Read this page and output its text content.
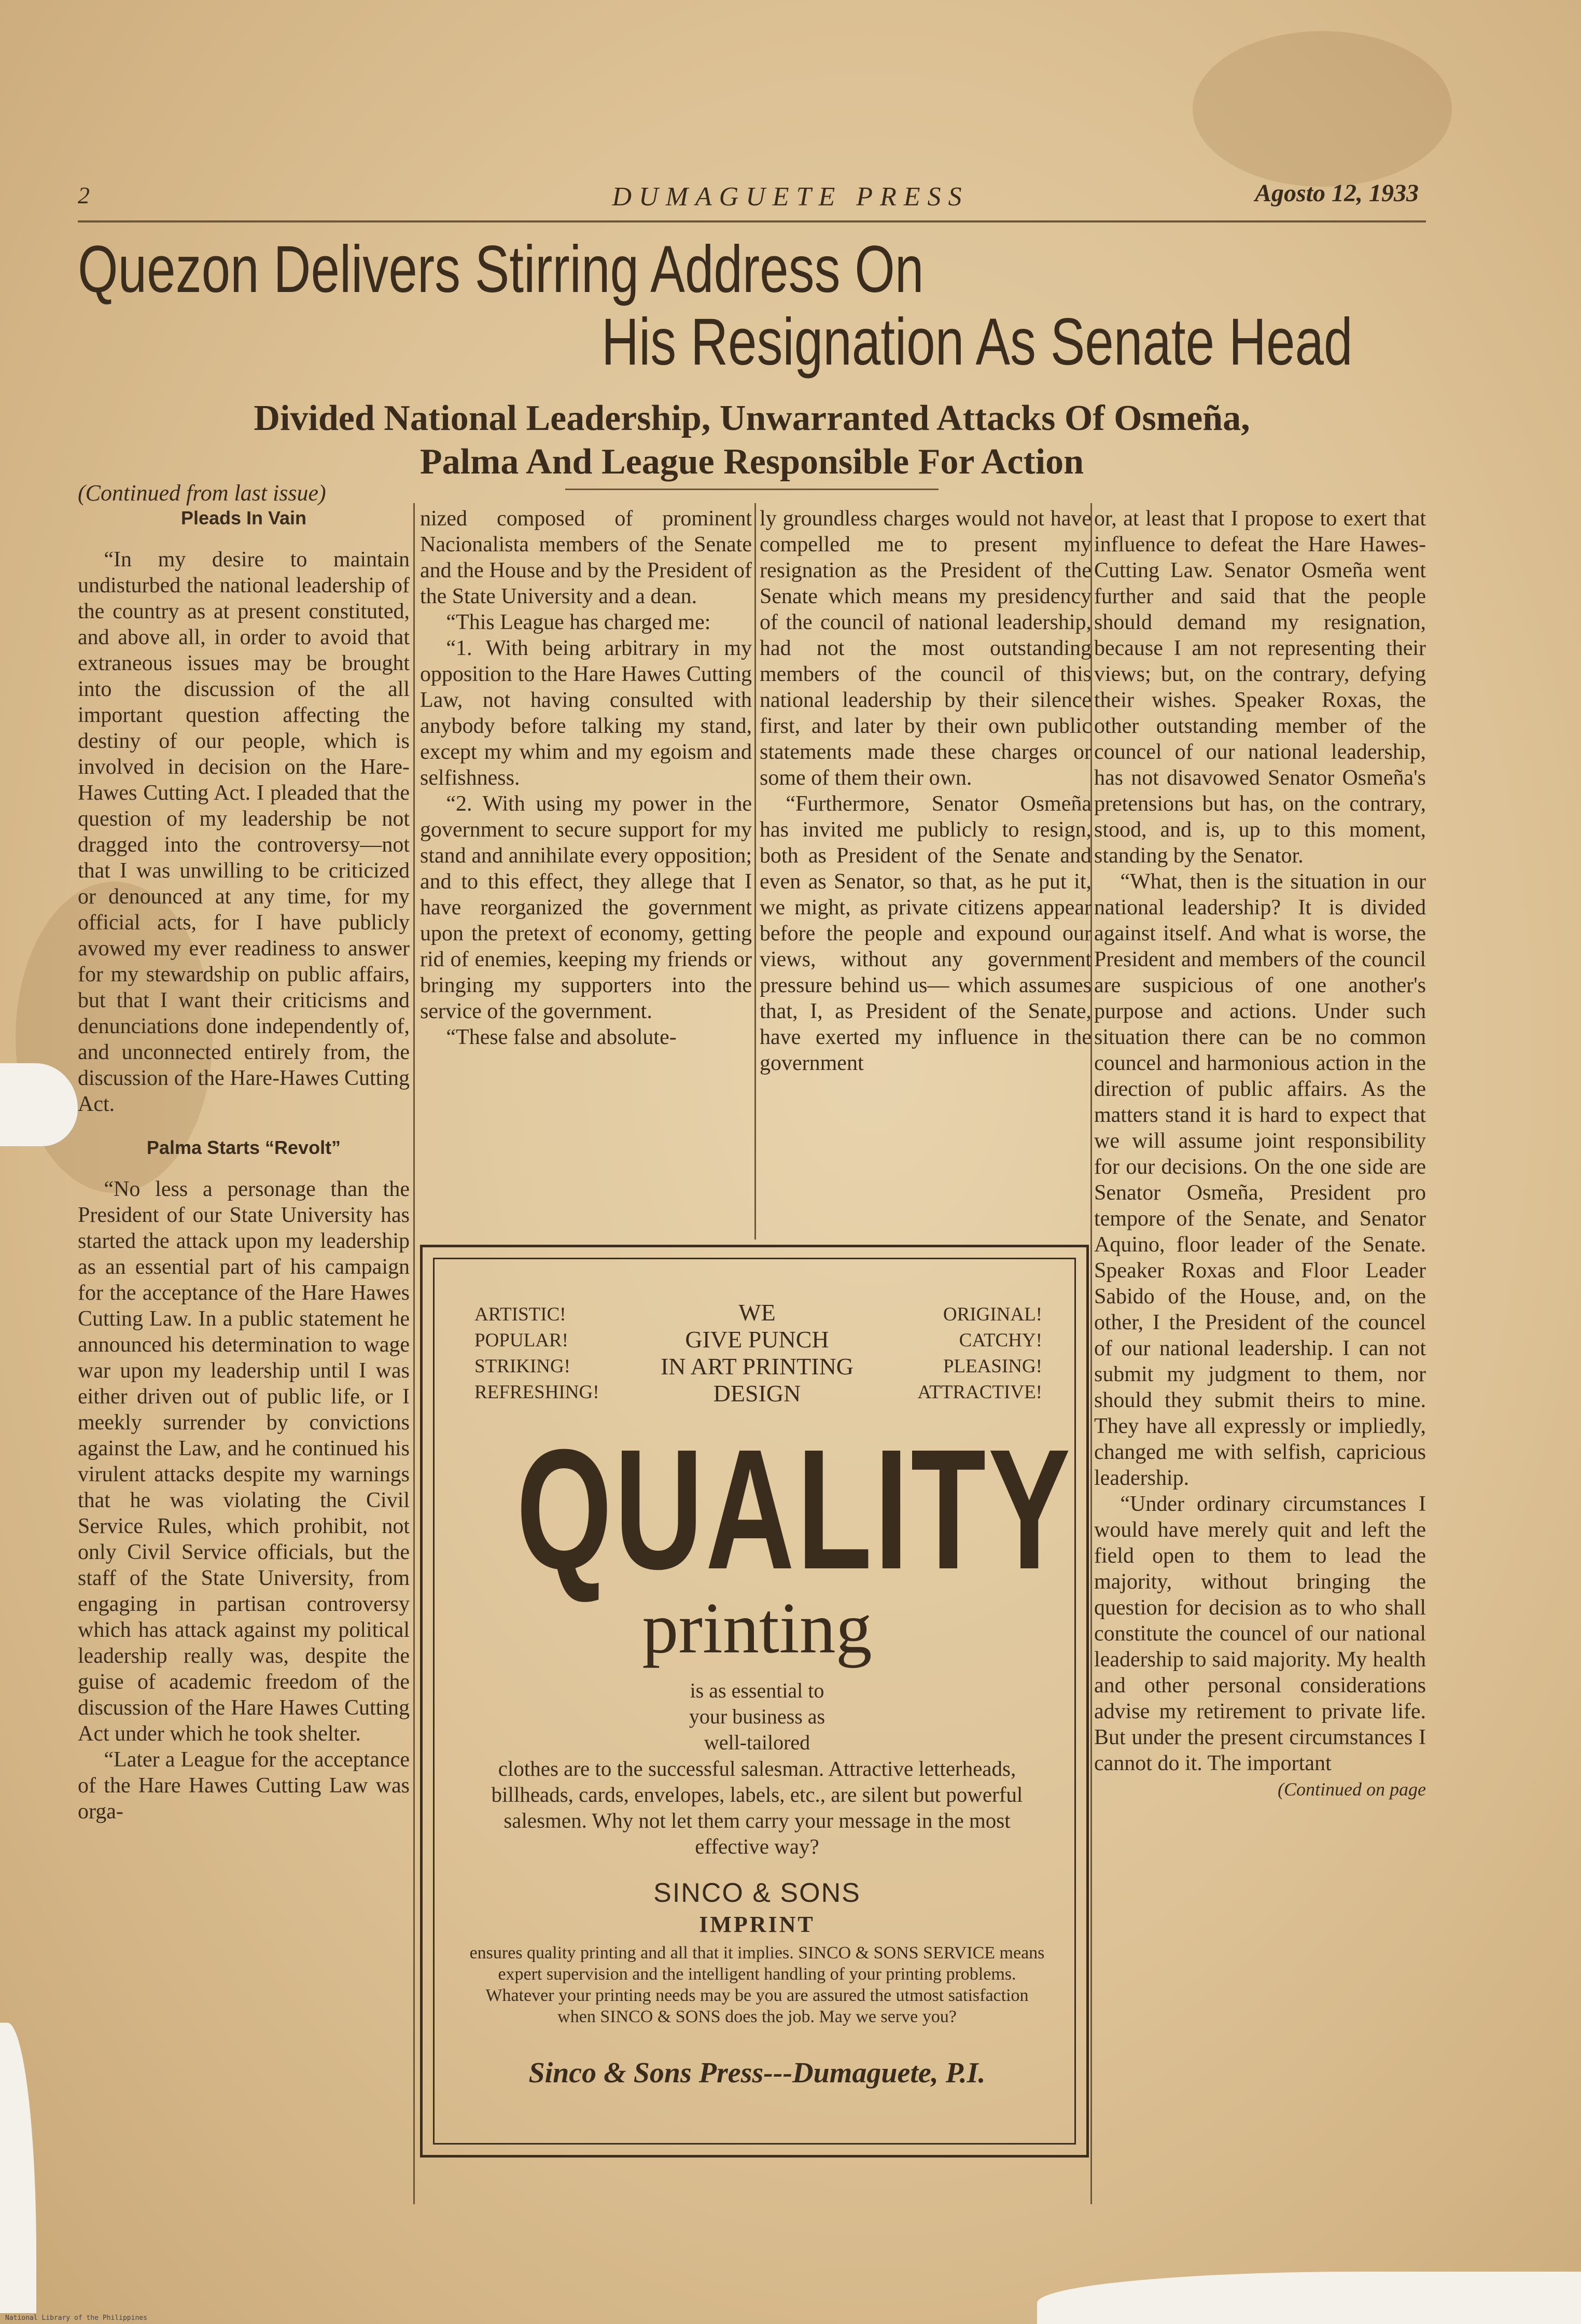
2	DUMAGUETE PRESS	Agosto 12, 1933
Quezon Delivers Stirring Address On
His Resignation As Senate Head
Divided National Leadership, Unwarranted Attacks Of Osmeña,
Palma And League Responsible For Action
(Continued from last issue)
Pleads In Vain

“In my desire to maintain undisturbed the national leadership of the country as at present constituted, and above all, in order to avoid that extraneous issues may be brought into the discussion of the all important question affecting the destiny of our people, which is involved in decision on the Hare-Hawes Cutting Act. I pleaded that the question of my leadership be not dragged into the controversy—not that I was unwilling to be criticized or denounced at any time, for my official acts, for I have publicly avowed my ever readiness to answer for my stewardship on public affairs, but that I want their criticisms and denunciations done independently of, and unconnected entirely from, the discussion of the Hare-Hawes Cutting Act.

Palma Starts “Revolt”

“No less a personage than the President of our State University has started the attack upon my leadership as an essential part of his campaign for the acceptance of the Hare Hawes Cutting Law. In a public statement he announced his determination to wage war upon my leadership until I was either driven out of public life, or I meekly surrender by convictions against the Law, and he continued his virulent attacks despite my warnings that he was violating the Civil Service Rules, which prohibit, not only Civil Service officials, but the staff of the State University, from engaging in partisan controversy which has attack against my political leadership really was, despite the guise of academic freedom of the discussion of the Hare Hawes Cutting Act under which he took shelter.

“Later a League for the acceptance of the Hare Hawes Cutting Law was orga-

nized composed of prominent Nacionalista members of the Senate and the House and by the President of the State University and a dean.

“This League has charged me:

“1. With being arbitrary in my opposition to the Hare Hawes Cutting Law, not having consulted with anybody before talking my stand, except my whim and my egoism and selfishness.

“2. With using my power in the government to secure support for my stand and annihilate every opposition; and to this effect, they allege that I have reorganized the government upon the pretext of economy, getting rid of enemies, keeping my friends or bringing my supporters into the service of the government.

“These false and absolute-

ly groundless charges would not have compelled me to present my resignation as the President of the Senate which means my presidency of the council of national leadership, had not the most outstanding members of the council of this national leadership by their silence first, and later by their own public statements made these charges or some of them their own.

“Furthermore, Senator Osmeña has invited me publicly to resign, both as President of the Senate and even as Senator, so that, as he put it, we might, as private citizens appear before the people and expound our views, without any government pressure behind us— which assumes that, I, as President of the Senate, have exerted my influence in the government

or, at least that I propose to exert that influence to defeat the Hare Hawes-Cutting Law. Senator Osmeña went further and said that the people should demand my resignation, because I am not representing their views; but, on the contrary, defying their wishes. Speaker Roxas, the other outstanding member of the councel of our national leadership, has not disavowed Senator Osmeña's pretensions but has, on the contrary, stood, and is, up to this moment, standing by the Senator.

“What, then is the situation in our national leadership? It is divided against itself. And what is worse, the President and members of the council are suspicious of one another's purpose and actions. Under such situation there can be no common councel and harmonious action in the direction of public affairs. As the matters stand it is hard to expect that we will assume joint responsibility for our decisions. On the one side are Senator Osmeña, President pro tempore of the Senate, and Senator Aquino, floor leader of the Senate. Speaker Roxas and Floor Leader Sabido of the House, and, on the other, I the President of the councel of our national leadership. I can not submit my judgment to them, nor should they submit theirs to mine. They have all expressly or impliedly, changed me with selfish, capricious leadership.

“Under ordinary circumstances I would have merely quit and left the field open to them to lead the majority, without bringing the question for decision as to who shall constitute the councel of our national leadership to said majority. My health and other personal considerations advise my retirement to private life. But under the present circumstances I cannot do it. The important

(Continued on page
ARTISTIC!
POPULAR!
STRIKING!
REFRESHING!
WE
GIVE PUNCH
IN ART PRINTING
DESIGN
ORIGINAL!
CATCHY!
PLEASING!
ATTRACTIVE!
QUALITY
printing
is as essential to
your business as
well-tailored
clothes are to the successful salesman. Attractive letterheads, billheads, cards, envelopes, labels, etc., are silent but powerful salesmen. Why not let them carry your message in the most effective way?
SINCO & SONS
IMPRINT
ensures quality printing and all that it implies. SINCO & SONS SERVICE means expert supervision and the intelligent handling of your printing problems. Whatever your printing needs may be you are assured the utmost satisfaction when SINCO & SONS does the job. May we serve you?
Sinco & Sons Press---Dumaguete, P.I.
National Library of the Philippines
